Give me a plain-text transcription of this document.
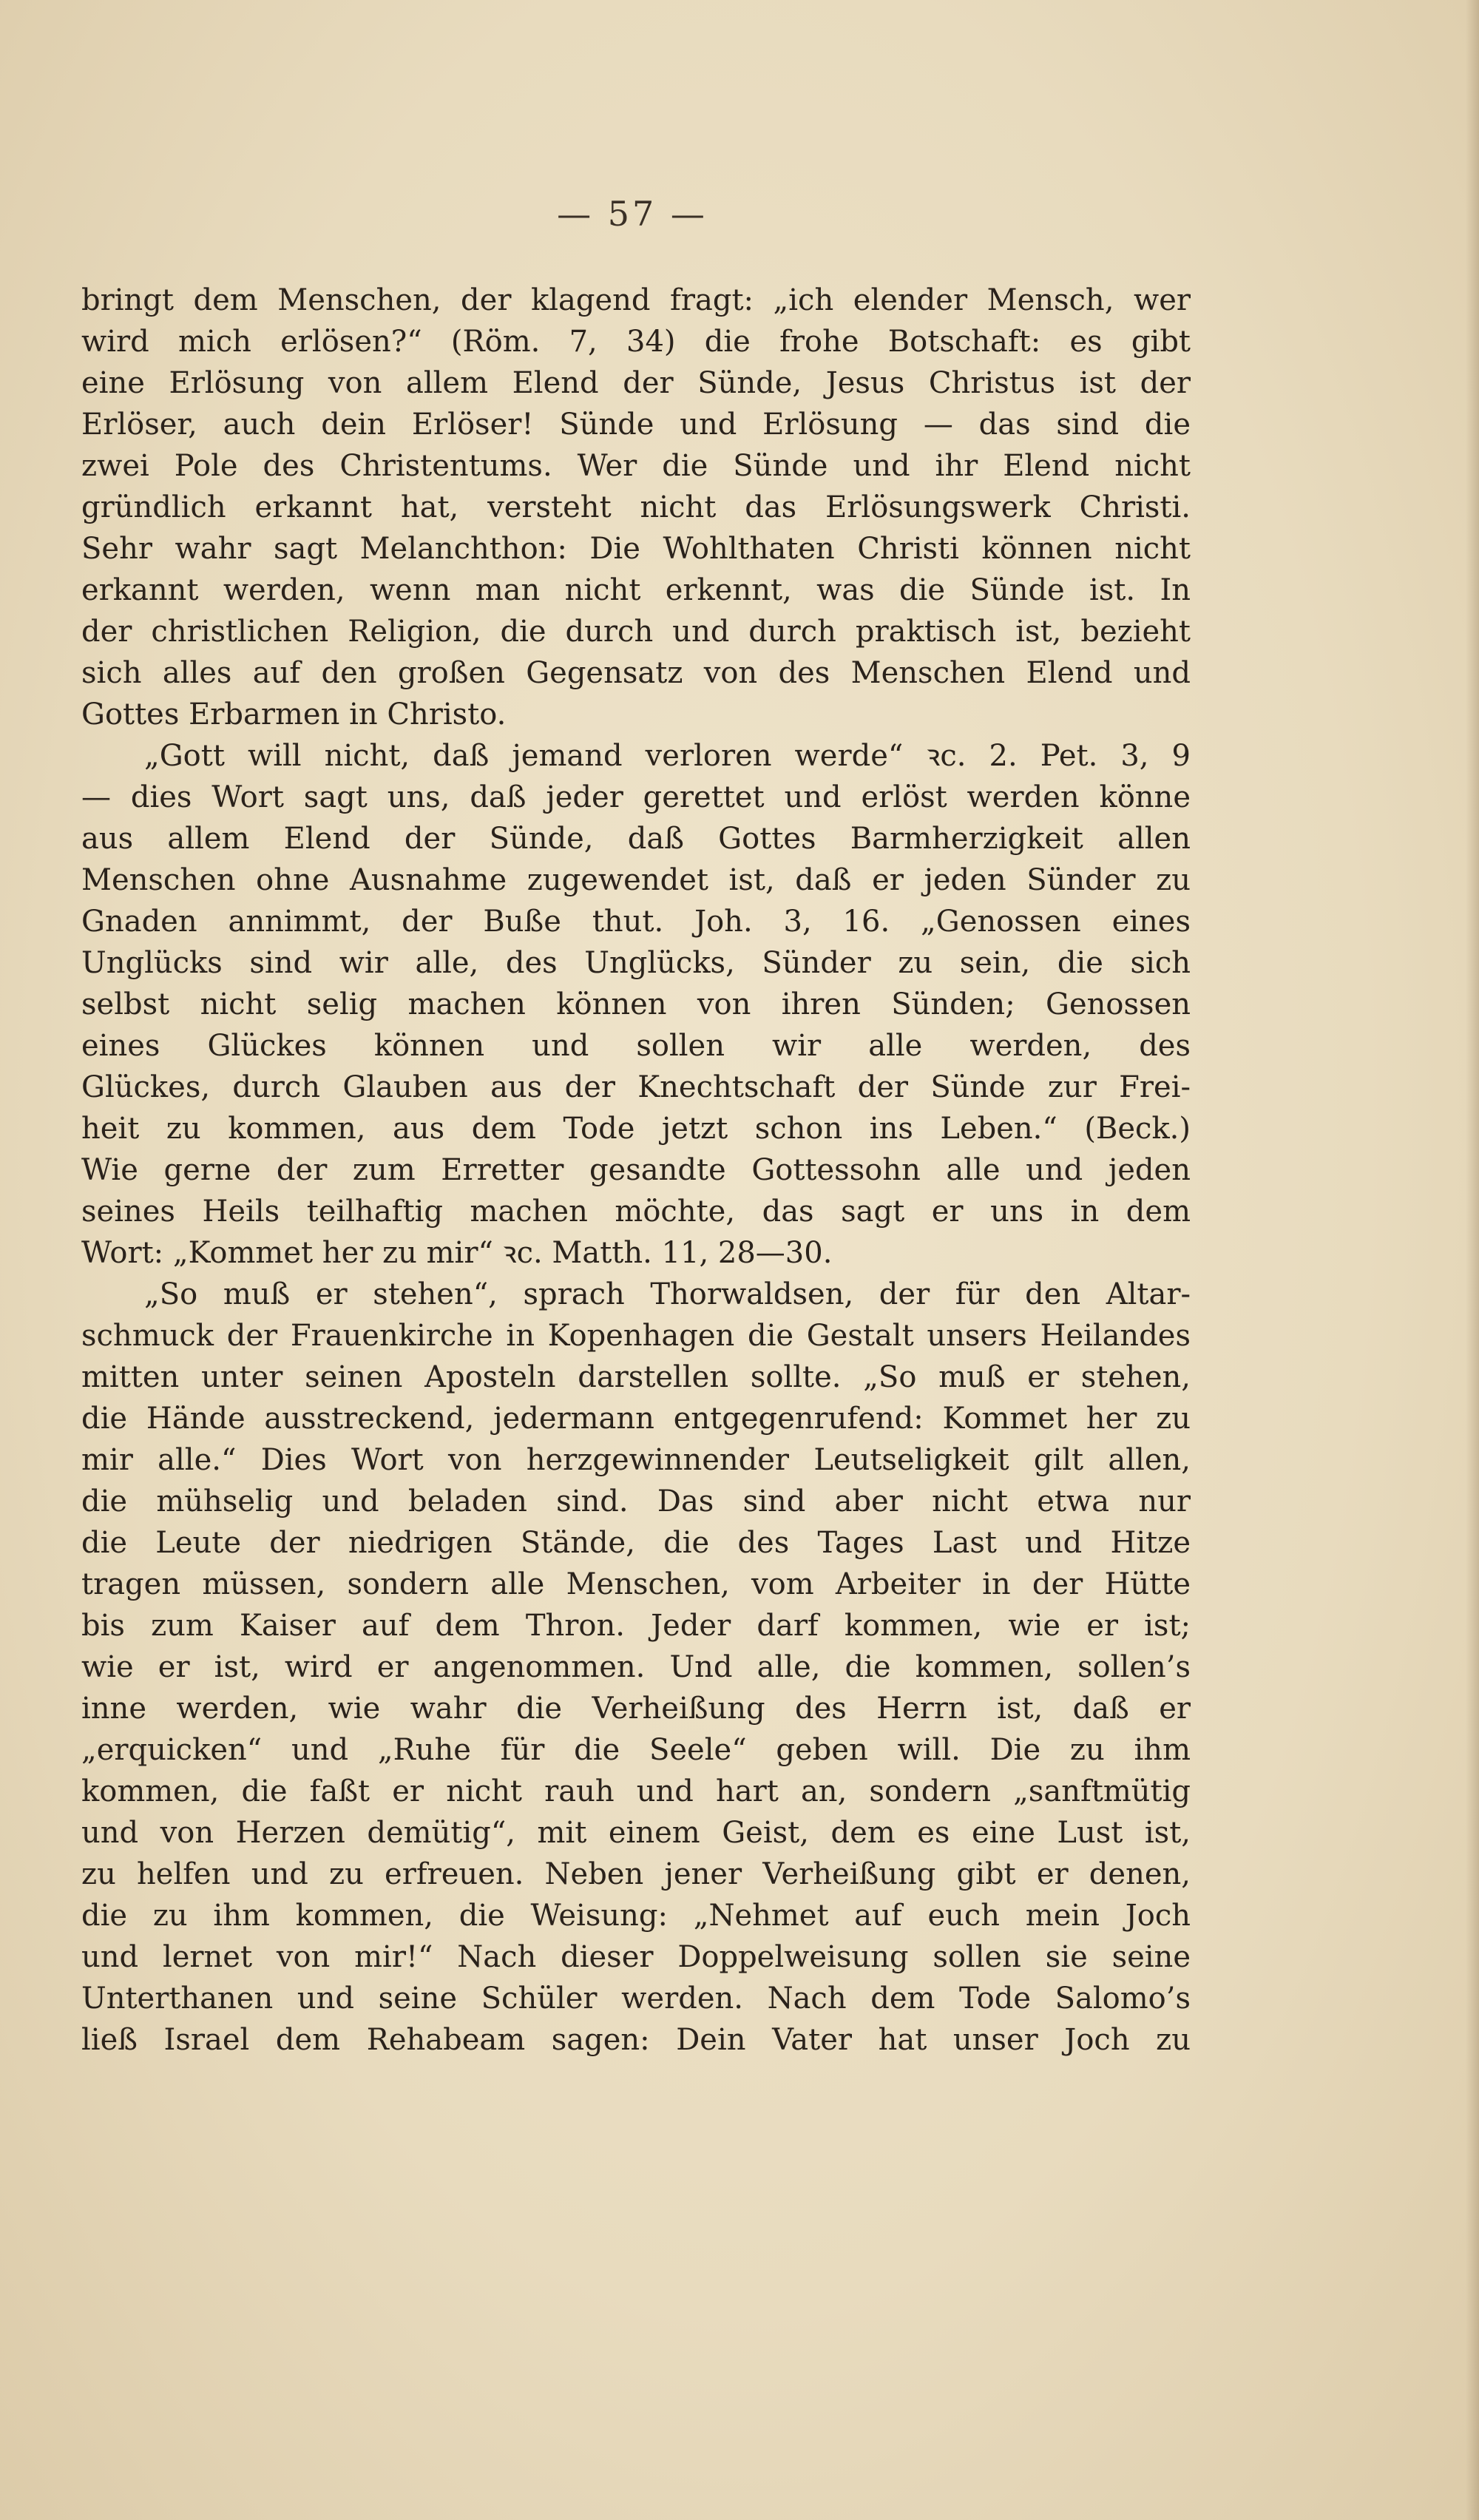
— 57 —
bringt dem Menschen, der klagend fragt: „ich elender Mensch, wer
wird mich erlösen?“ (Röm. 7, 34) die frohe Botschaft: es gibt
eine Erlösung von allem Elend der Sünde, Jesus Christus ist der
Erlöser, auch dein Erlöser! Sünde und Erlösung — das sind die
zwei Pole des Christentums. Wer die Sünde und ihr Elend nicht
gründlich erkannt hat, versteht nicht das Erlösungswerk Christi.
Sehr wahr sagt Melanchthon: Die Wohlthaten Christi können nicht
erkannt werden, wenn man nicht erkennt, was die Sünde ist. In
der christlichen Religion, die durch und durch praktisch ist, bezieht
sich alles auf den großen Gegensatz von des Menschen Elend und
Gottes Erbarmen in Christo.
„Gott will nicht, daß jemand verloren werde“ ꝛc. 2. Pet. 3, 9
— dies Wort sagt uns, daß jeder gerettet und erlöst werden könne
aus allem Elend der Sünde, daß Gottes Barmherzigkeit allen
Menschen ohne Ausnahme zugewendet ist, daß er jeden Sünder zu
Gnaden annimmt, der Buße thut. Joh. 3, 16. „Genossen eines
Unglücks sind wir alle, des Unglücks, Sünder zu sein, die sich
selbst nicht selig machen können von ihren Sünden; Genossen
eines Glückes können und sollen wir alle werden, des
Glückes, durch Glauben aus der Knechtschaft der Sünde zur Frei-
heit zu kommen, aus dem Tode jetzt schon ins Leben.“ (Beck.)
Wie gerne der zum Erretter gesandte Gottessohn alle und jeden
seines Heils teilhaftig machen möchte, das sagt er uns in dem
Wort: „Kommet her zu mir“ ꝛc. Matth. 11, 28—30.
„So muß er stehen“, sprach Thorwaldsen, der für den Altar-
schmuck der Frauenkirche in Kopenhagen die Gestalt unsers Heilandes
mitten unter seinen Aposteln darstellen sollte. „So muß er stehen,
die Hände ausstreckend, jedermann entgegenrufend: Kommet her zu
mir alle.“ Dies Wort von herzgewinnender Leutseligkeit gilt allen,
die mühselig und beladen sind. Das sind aber nicht etwa nur
die Leute der niedrigen Stände, die des Tages Last und Hitze
tragen müssen, sondern alle Menschen, vom Arbeiter in der Hütte
bis zum Kaiser auf dem Thron. Jeder darf kommen, wie er ist;
wie er ist, wird er angenommen. Und alle, die kommen, sollen’s
inne werden, wie wahr die Verheißung des Herrn ist, daß er
„erquicken“ und „Ruhe für die Seele“ geben will. Die zu ihm
kommen, die faßt er nicht rauh und hart an, sondern „sanftmütig
und von Herzen demütig“, mit einem Geist, dem es eine Lust ist,
zu helfen und zu erfreuen. Neben jener Verheißung gibt er denen,
die zu ihm kommen, die Weisung: „Nehmet auf euch mein Joch
und lernet von mir!“ Nach dieser Doppelweisung sollen sie seine
Unterthanen und seine Schüler werden. Nach dem Tode Salomo’s
ließ Israel dem Rehabeam sagen: Dein Vater hat unser Joch zu
